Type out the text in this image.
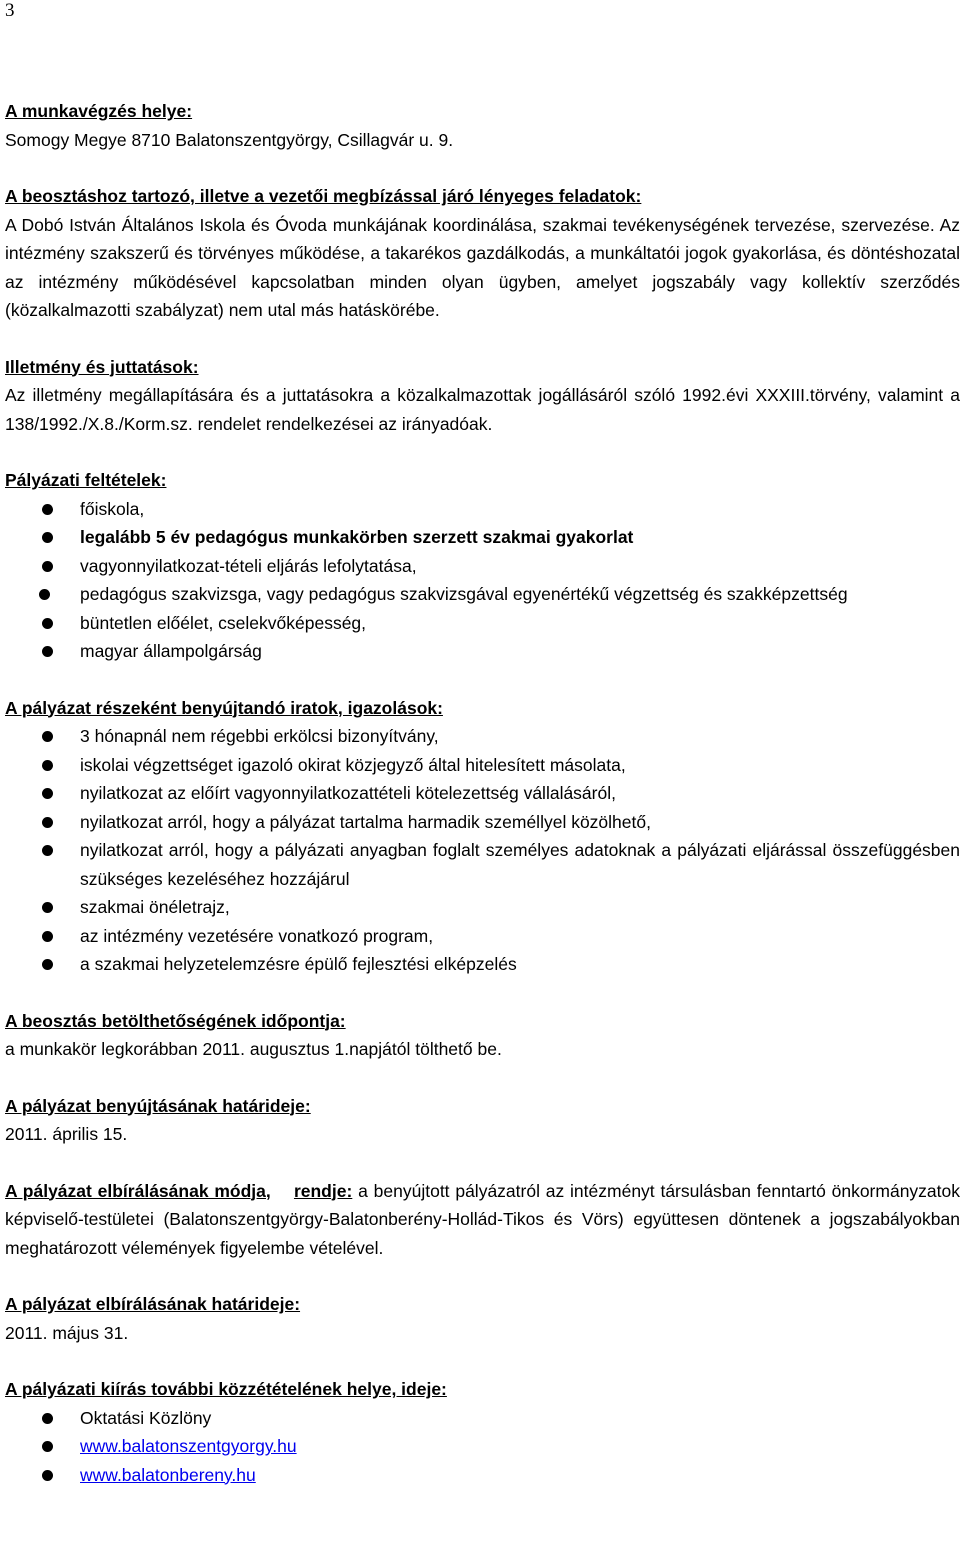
3
A munkavégzés helye:

Somogy Megye 8710 Balatonszentgyörgy, Csillagvár u. 9.

A beosztáshoz tartozó, illetve a vezetői megbízással járó lényeges feladatok:

A Dobó István Általános Iskola és Óvoda munkájának koordinálása, szakmai tevékenységének tervezése, szervezése. Az intézmény szakszerű és törvényes működése, a takarékos gazdálkodás, a munkáltatói jogok gyakorlása, és döntéshozatal az intézmény működésével kapcsolatban minden olyan ügyben, amelyet jogszabály vagy kollektív szerződés (közalkalmazotti szabályzat) nem utal más hatáskörébe.

Illetmény és juttatások:

Az illetmény megállapítására és a juttatásokra a közalkalmazottak jogállásáról szóló 1992.évi XXXIII.törvény, valamint a 138/1992./X.8./Korm.sz. rendelet rendelkezései az irányadóak.

Pályázati feltételek:
főiskola,
legalább 5 év pedagógus munkakörben szerzett szakmai gyakorlat
vagyonnyilatkozat-tételi eljárás lefolytatása,
pedagógus szakvizsga, vagy pedagógus szakvizsgával egyenértékű végzettség és szakképzettség
büntetlen előélet, cselekvőképesség,
magyar állampolgárság
A pályázat részeként benyújtandó iratok, igazolások:
3 hónapnál nem régebbi erkölcsi bizonyítvány,
iskolai végzettséget igazoló okirat közjegyző által hitelesített másolata,
nyilatkozat az előírt vagyonnyilatkozattételi kötelezettség vállalásáról,
nyilatkozat arról, hogy a pályázat tartalma harmadik személlyel közölhető,
nyilatkozat arról, hogy a pályázati anyagban foglalt személyes adatoknak a pályázati eljárással összefüggésben szükséges kezeléséhez hozzájárul
szakmai önéletrajz,
az intézmény vezetésére vonatkozó program,
a szakmai helyzetelemzésre épülő fejlesztési elképzelés
A beosztás betölthetőségének időpontja:

a munkakör legkorábban 2011. augusztus 1.napjától tölthető be.

A pályázat benyújtásának határideje:

2011. április 15.

A pályázat elbírálásának módja, rendje: a benyújtott pályázatról az intézményt társulásban fenntartó önkormányzatok képviselő-testületei (Balatonszentgyörgy-Balatonberény-Hollád-Tikos és Vörs) együttesen döntenek a jogszabályokban meghatározott vélemények figyelembe vételével.

A pályázat elbírálásának határideje:

2011. május 31.

A pályázati kiírás további közzétételének helye, ideje:
Oktatási Közlöny
www.balatonszentgyorgy.hu
www.balatonbereny.hu
